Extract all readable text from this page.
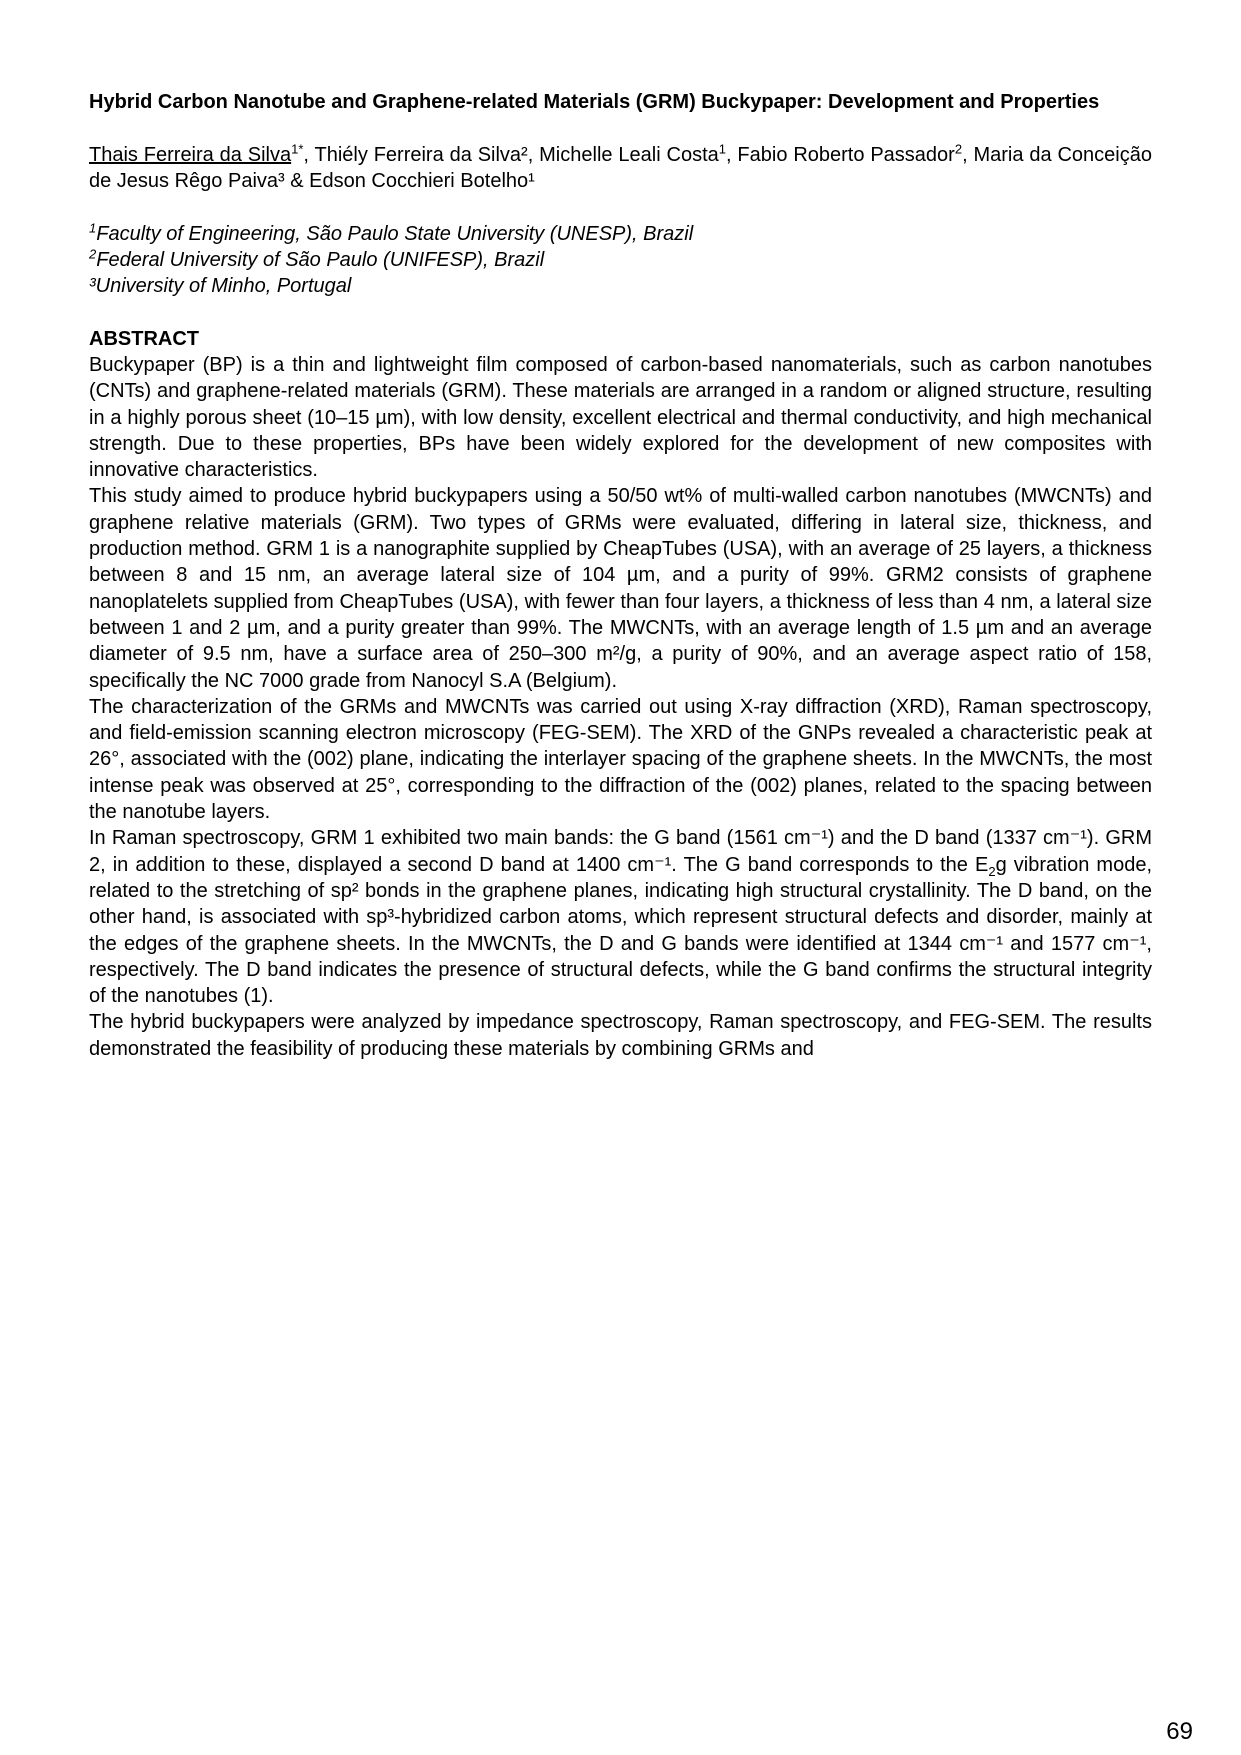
Hybrid Carbon Nanotube and Graphene-related Materials (GRM) Buckypaper: Development and Properties

Thais Ferreira da Silva$^{1*}$, Thiély Ferreira da Silva², Michelle Leali Costa$^1$, Fabio Roberto Passador$^2$, Maria da Conceição de Jesus Rêgo Paiva³ & Edson Cocchieri Botelho¹
$^1$Faculty of Engineering, São Paulo State University (UNESP), Brazil
$^2$Federal University of São Paulo (UNIFESP), Brazil
³University of Minho, Portugal
ABSTRACT

Buckypaper (BP) is a thin and lightweight film composed of carbon-based nanomaterials, such as carbon nanotubes (CNTs) and graphene-related materials (GRM). These materials are arranged in a random or aligned structure, resulting in a highly porous sheet (10–15 µm), with low density, excellent electrical and thermal conductivity, and high mechanical strength. Due to these properties, BPs have been widely explored for the development of new composites with innovative characteristics.

This study aimed to produce hybrid buckypapers using a 50/50 wt% of multi-walled carbon nanotubes (MWCNTs) and graphene relative materials (GRM). Two types of GRMs were evaluated, differing in lateral size, thickness, and production method. GRM 1 is a nanographite supplied by CheapTubes (USA), with an average of 25 layers, a thickness between 8 and 15 nm, an average lateral size of 104 µm, and a purity of 99%. GRM2 consists of graphene nanoplatelets supplied from CheapTubes (USA), with fewer than four layers, a thickness of less than 4 nm, a lateral size between 1 and 2 µm, and a purity greater than 99%. The MWCNTs, with an average length of 1.5 µm and an average diameter of 9.5 nm, have a surface area of 250–300 m²/g, a purity of 90%, and an average aspect ratio of 158, specifically the NC 7000 grade from Nanocyl S.A (Belgium).

The characterization of the GRMs and MWCNTs was carried out using X-ray diffraction (XRD), Raman spectroscopy, and field-emission scanning electron microscopy (FEG-SEM). The XRD of the GNPs revealed a characteristic peak at 26°, associated with the (002) plane, indicating the interlayer spacing of the graphene sheets. In the MWCNTs, the most intense peak was observed at 25°, corresponding to the diffraction of the (002) planes, related to the spacing between the nanotube layers.

In Raman spectroscopy, GRM 1 exhibited two main bands: the G band (1561 cm⁻¹) and the D band (1337 cm⁻¹). GRM 2, in addition to these, displayed a second D band at 1400 cm⁻¹. The G band corresponds to the $E_2g$ vibration mode, related to the stretching of sp² bonds in the graphene planes, indicating high structural crystallinity. The D band, on the other hand, is associated with sp³-hybridized carbon atoms, which represent structural defects and disorder, mainly at the edges of the graphene sheets. In the MWCNTs, the D and G bands were identified at 1344 cm⁻¹ and 1577 cm⁻¹, respectively. The D band indicates the presence of structural defects, while the G band confirms the structural integrity of the nanotubes (1).

The hybrid buckypapers were analyzed by impedance spectroscopy, Raman spectroscopy, and FEG-SEM. The results demonstrated the feasibility of producing these materials by combining GRMs and

69
